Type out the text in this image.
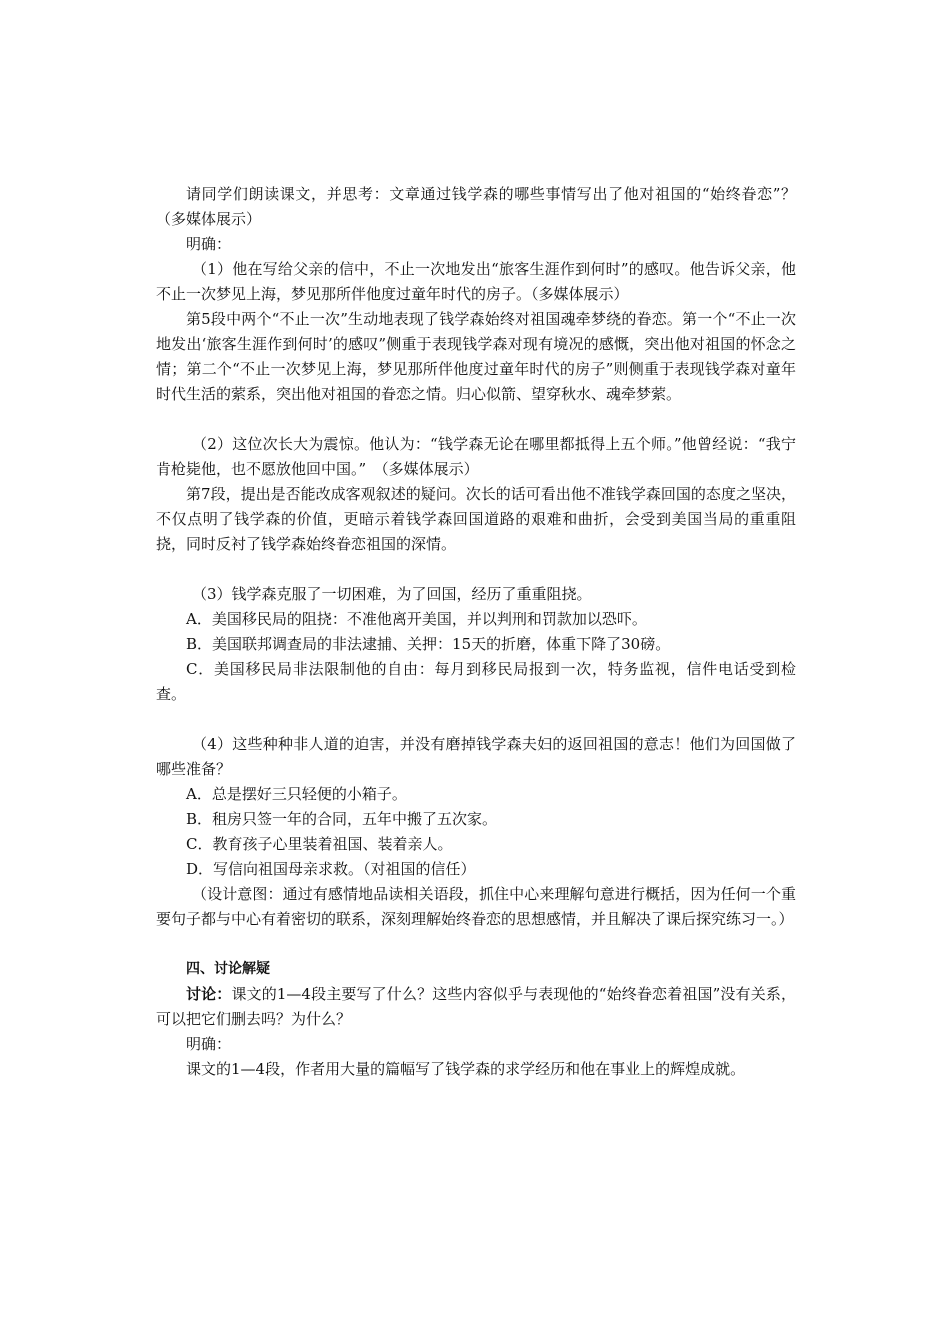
请同学们朗读课文，并思考：文章通过钱学森的哪些事情写出了他对祖国的“始终眷恋”？（多媒体展示）

明确：

（1）他在写给父亲的信中，不止一次地发出“旅客生涯作到何时”的感叹。他告诉父亲，他不止一次梦见上海，梦见那所伴他度过童年时代的房子。（多媒体展示）

第5段中两个“不止一次”生动地表现了钱学森始终对祖国魂牵梦绕的眷恋。第一个“不止一次地发出‘旅客生涯作到何时’的感叹”侧重于表现钱学森对现有境况的感慨，突出他对祖国的怀念之情；第二个“不止一次梦见上海，梦见那所伴他度过童年时代的房子”则侧重于表现钱学森对童年时代生活的萦系，突出他对祖国的眷恋之情。归心似箭、望穿秋水、魂牵梦萦。

（2）这位次长大为震惊。他认为：“钱学森无论在哪里都抵得上五个师。”他曾经说：“我宁肯枪毙他，也不愿放他回中国。”　（多媒体展示）

第7段，提出是否能改成客观叙述的疑问。次长的话可看出他不准钱学森回国的态度之坚决，不仅点明了钱学森的价值，更暗示着钱学森回国道路的艰难和曲折，会受到美国当局的重重阻挠，同时反衬了钱学森始终眷恋祖国的深情。

（3）钱学森克服了一切困难，为了回国，经历了重重阻挠。

A．美国移民局的阻挠：不准他离开美国，并以判刑和罚款加以恐吓。

B．美国联邦调查局的非法逮捕、关押：15天的折磨，体重下降了30磅。

C．美国移民局非法限制他的自由：每月到移民局报到一次，特务监视，信件电话受到检查。

（4）这些种种非人道的迫害，并没有磨掉钱学森夫妇的返回祖国的意志！他们为回国做了哪些准备？

A．总是摆好三只轻便的小箱子。

B．租房只签一年的合同，五年中搬了五次家。

C．教育孩子心里装着祖国、装着亲人。

D．写信向祖国母亲求救。（对祖国的信任）

（设计意图：通过有感情地品读相关语段，抓住中心来理解句意进行概括，因为任何一个重要句子都与中心有着密切的联系，深刻理解始终眷恋的思想感情，并且解决了课后探究练习一。）

四、讨论解疑

讨论：课文的1—4段主要写了什么？这些内容似乎与表现他的“始终眷恋着祖国”没有关系，可以把它们删去吗？为什么？

明确：

课文的1—4段，作者用大量的篇幅写了钱学森的求学经历和他在事业上的辉煌成就。
